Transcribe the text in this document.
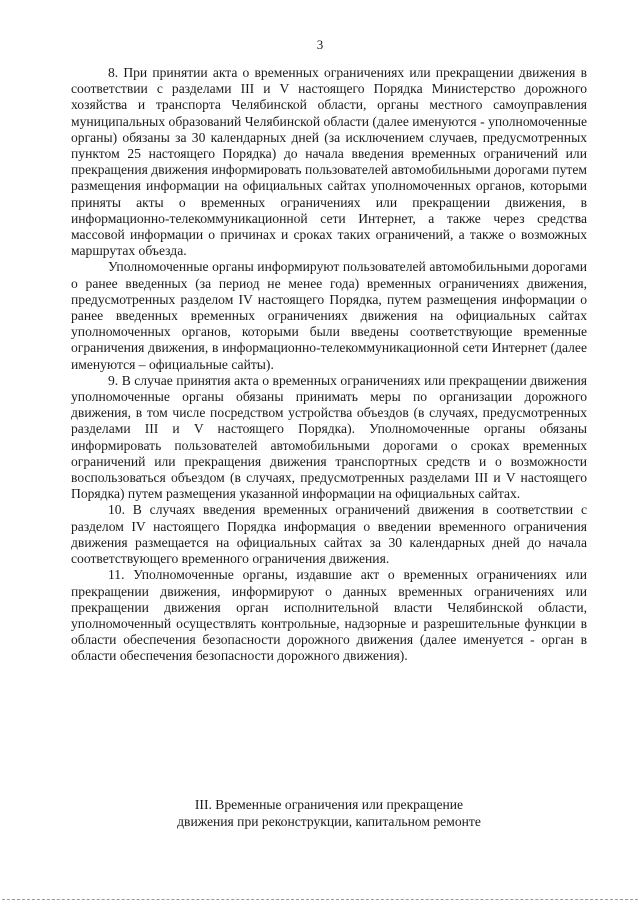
3

8. При принятии акта о временных ограничениях или прекращении движения в соответствии с разделами III и V настоящего Порядка Министерство дорожного хозяйства и транспорта Челябинской области, органы местного самоуправления муниципальных образований Челябинской области (далее именуются - уполномоченные органы) обязаны за 30 календарных дней (за исключением случаев, предусмотренных пунктом 25 настоящего Порядка) до начала введения временных ограничений или прекращения движения информировать пользователей автомобильными дорогами путем размещения информации на официальных сайтах уполномоченных органов, которыми приняты акты о временных ограничениях или прекращении движения, в информационно-телекоммуникационной сети Интернет, а также через средства массовой информации о причинах и сроках таких ограничений, а также о возможных маршрутах объезда.

Уполномоченные органы информируют пользователей автомобильными дорогами о ранее введенных (за период не менее года) временных ограничениях движения, предусмотренных разделом IV настоящего Порядка, путем размещения информации о ранее введенных временных ограничениях движения на официальных сайтах уполномоченных органов, которыми были введены соответствующие временные ограничения движения, в информационно-телекоммуникационной сети Интернет (далее именуются – официальные сайты).

9. В случае принятия акта о временных ограничениях или прекращении движения уполномоченные органы обязаны принимать меры по организации дорожного движения, в том числе посредством устройства объездов (в случаях, предусмотренных разделами III и V настоящего Порядка). Уполномоченные органы обязаны информировать пользователей автомобильными дорогами о сроках временных ограничений или прекращения движения транспортных средств и о возможности воспользоваться объездом (в случаях, предусмотренных разделами III и V настоящего Порядка) путем размещения указанной информации на официальных сайтах.

10. В случаях введения временных ограничений движения в соответствии с разделом IV настоящего Порядка информация о введении временного ограничения движения размещается на официальных сайтах за 30 календарных дней до начала соответствующего временного ограничения движения.

11. Уполномоченные органы, издавшие акт о временных ограничениях или прекращении движения, информируют о данных временных ограничениях или прекращении движения орган исполнительной власти Челябинской области, уполномоченный осуществлять контрольные, надзорные и разрешительные функции в области обеспечения безопасности дорожного движения (далее именуется - орган в области обеспечения безопасности дорожного движения).

III. Временные ограничения или прекращение
движения при реконструкции, капитальном ремонте
